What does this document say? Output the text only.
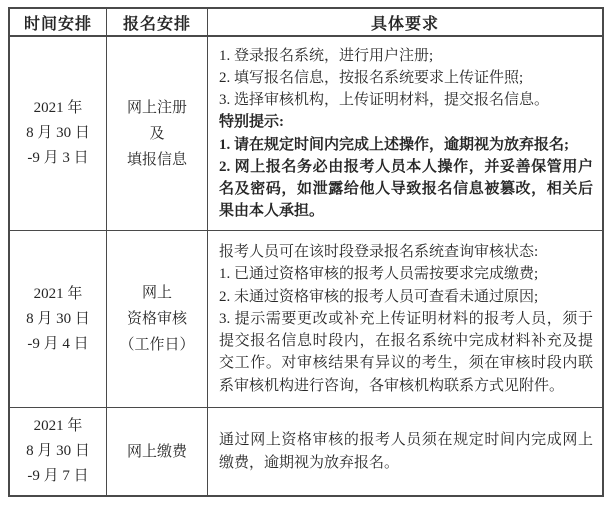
时间安排 报名安排	具体要求
2021 年
8 月 30 日
-9 月 3 日
网上注册
及
填报信息
1. 登录报名系统，进行用户注册;
2. 填写报名信息，按报名系统要求上传证件照;
3. 选择审核机构，上传证明材料，提交报名信息。
特别提示:
1. 请在规定时间内完成上述操作，逾期视为放弃报名;
2. 网上报名务必由报考人员本人操作，并妥善保管用户名及密码，如泄露给他人导致报名信息被篡改，相关后果由本人承担。
2021 年
8 月 30 日
-9 月 4 日
网上
资格审核
（工作日）
报考人员可在该时段登录报名系统查询审核状态:
1. 已通过资格审核的报考人员需按要求完成缴费;
2. 未通过资格审核的报考人员可查看未通过原因;
3. 提示需要更改或补充上传证明材料的报考人员，须于提交报名信息时段内，在报名系统中完成材料补充及提交工作。对审核结果有异议的考生，须在审核时段内联系审核机构进行咨询，各审核机构联系方式见附件。
2021 年
8 月 30 日
-9 月 7 日
网上缴费
通过网上资格审核的报考人员须在规定时间内完成网上缴费，逾期视为放弃报名。
